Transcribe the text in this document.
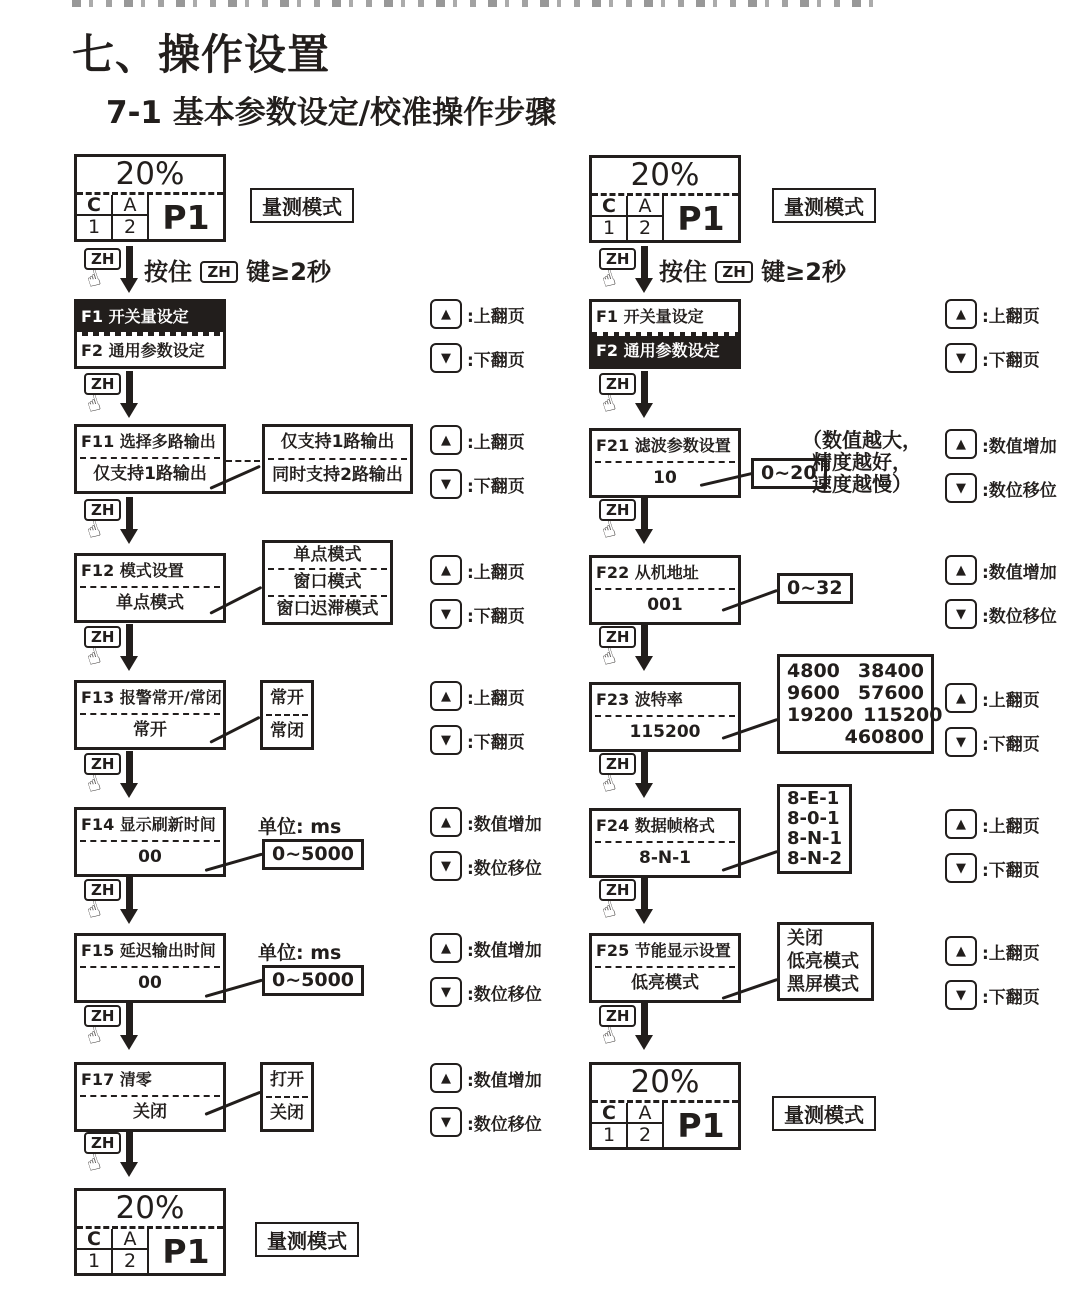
七、操作设置
7-1 基本参数设定/校准操作步骤
20%
C	A
1	2 P1	量测模式
ZH
☝ 按住 ZH 键≥2秒
F1 开关量设定
F2 通用参数设定
▲ :上翻页
▼ :下翻页
ZH
☝
F11 选择多路输出
仅支持1路输出
仅支持1路输出
同时支持2路输出
▲ :上翻页
▼ :下翻页
ZH
☝
F12 模式设置
单点模式
单点模式
窗口模式
窗口迟滞模式
▲ :上翻页
▼ :下翻页
ZH
☝
F13 报警常开/常闭
常开
常开
常闭
▲ :上翻页
▼ :下翻页
ZH
☝
F14 显示刷新时间
00
单位: ms
0~5000
▲ :数值增加
▼ :数位移位
ZH
☝
F15 延迟输出时间
00
单位: ms
0~5000
▲ :数值增加
▼ :数位移位
ZH
☝
F17 清零
关闭
打开
关闭
▲ :数值增加
▼ :数位移位
ZH
☝
20%
C	A
1	2 P1	量测模式
20%
C	A
1	2 P1	量测模式
ZH
☝ 按住 ZH 键≥2秒
F1 开关量设定
F2 通用参数设定
▲ :上翻页
▼ :下翻页
ZH
☝
F21 滤波参数设置
10	0~20
（数值越大，
精度越好，
速度越慢）
▲ :数值增加
▼ :数位移位
ZH
☝
F22 从机地址
001
0~32
▲ :数值增加
▼ :数位移位
ZH
☝
F23 波特率
115200
4800 38400
9600 57600
19200 115200
460800
▲ :上翻页
▼ :下翻页
ZH
☝
F24 数据帧格式
8-N-1
8-E-1
8-0-1
8-N-1
8-N-2
▲ :上翻页
▼ :下翻页
ZH
☝
F25 节能显示设置
低亮模式
关闭
低亮模式
黑屏模式
▲ :上翻页
▼ :下翻页
ZH
☝
20%
C	A
1	2 P1	量测模式
